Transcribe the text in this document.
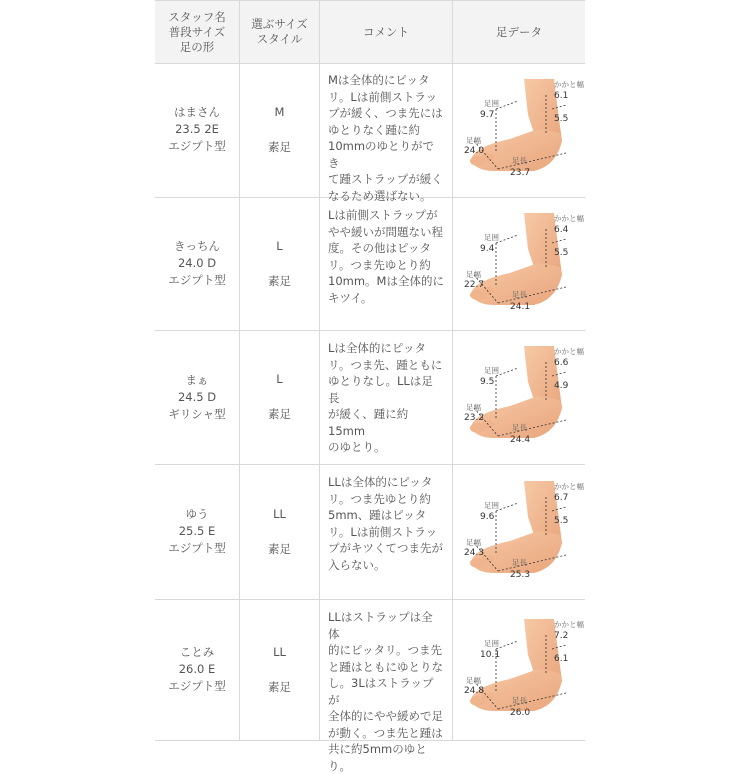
スタッフ名
普段サイズ
足の形
選ぶサイズ
スタイル
コメント	足データ
はまさん
23.5 2E
エジプト型
M
素足
Mは全体的にピッタ
リ。Lは前側ストラッ
プが緩く、つま先には
ゆとりなく踵に約
10mmのゆとりができ
て踵ストラップが緩く
なるため選ばない。
足囲
9.7
かかと幅
6.1
5.5
足幅
24.0
足長
23.7
きっちん
24.0 D
エジプト型
L
素足
Lは前側ストラップが
やや緩いが問題ない程
度。その他はピッタ
リ。つま先ゆとり約
10mm。Mは全体的に
キツイ。
足囲
9.4
かかと幅
6.4
5.5
足幅
22.7
足長
24.1
まぁ
24.5 D
ギリシャ型
L
素足
Lは全体的にピッタ
リ。つま先、踵ともに
ゆとりなし。LLは足長
が緩く、踵に約15mm
のゆとり。
足囲
9.5
かかと幅
6.6
4.9
足幅
23.2
足長
24.4
ゆう
25.5 E
エジプト型
LL
素足
LLは全体的にピッタ
リ。つま先ゆとり約
5mm、踵はピッタ
リ。Lは前側ストラッ
プがキツくてつま先が
入らない。
足囲
9.6
かかと幅
6.7
5.5
足幅
24.3
足長
25.3
ことみ
26.0 E
エジプト型
LL
素足
LLはストラップは全体
的にピッタリ。つま先
と踵はともにゆとりな
し。3Lはストラップが
全体的にやや緩めで足
が動く。つま先と踵は
共に約5mmのゆと
り。
足囲
10.1
かかと幅
7.2
6.1
足幅
24.8
足長
26.0
